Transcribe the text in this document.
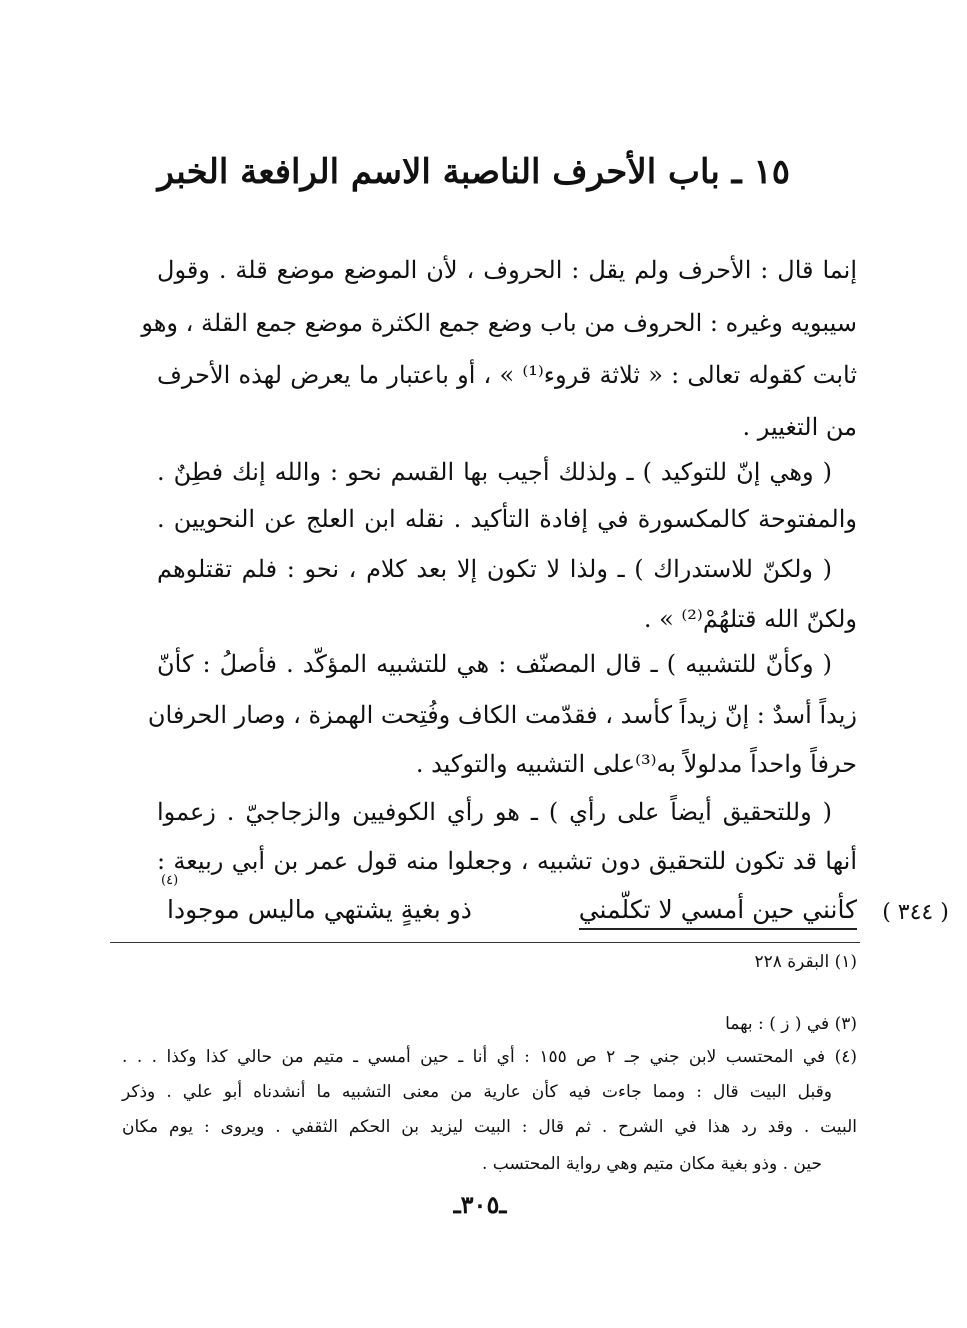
١٥ ـ باب الأحرف الناصبة الاسم الرافعة الخبر
إنما قال : الأحرف ولم يقل : الحروف ، لأن الموضع موضع قلة . وقول
سيبويه وغيره : الحروف من باب وضع جمع الكثرة موضع جمع القلة ، وهو
ثابت كقوله تعالى : « ثلاثة قروء⁽¹⁾ » ، أو باعتبار ما يعرض لهذه الأحرف
من التغيير .
( وهي إنّ للتوكيد ) ـ ولذلك أجيب بها القسم نحو : والله إنك فطِنٌ .
والمفتوحة كالمكسورة في إفادة التأكيد . نقله ابن العلج عن النحويين .
( ولكنّ للاستدراك ) ـ ولذا لا تكون إلا بعد كلام ، نحو : فلم تقتلوهم
ولكنّ الله قتلهُمْ⁽²⁾ » .
( وكأنّ للتشبيه ) ـ قال المصنّف : هي للتشبيه المؤكّد . فأصلُ : كأنّ
زيداً أسدٌ : إنّ زيداً كأسد ، فقدّمت الكاف وفُتِحت الهمزة ، وصار الحرفان
حرفاً واحداً مدلولاً به⁽³⁾على التشبيه والتوكيد .
( وللتحقيق أيضاً على رأي ) ـ هو رأي الكوفيين والزجاجيّ . زعموا
أنها قد تكون للتحقيق دون تشبيه ، وجعلوا منه قول عمر بن أبي ربيعة :
كأنني حين أمسي لا تكلّمني
ذو بغيةٍ يشتهي ماليس موجودا
(٤)
( ٣٤٤ )
(١) البقرة ٢٢٨
(٣) في ( ز ) : بهما
(٤) في المحتسب لابن جني جـ ٢ ص ١٥٥ : أي أنا ـ حين أمسي ـ متيم من حالي كذا وكذا . . .
وقبل البيت قال : ومما جاءت فيه كأن عارية من معنى التشبيه ما أنشدناه أبو علي . وذكر
البيت . وقد رد هذا في الشرح . ثم قال : البيت ليزيد بن الحكم الثقفي . ويروى : يوم مكان
حين . وذو بغية مكان متيم وهي رواية المحتسب .
ـ٣٠٥ـ
